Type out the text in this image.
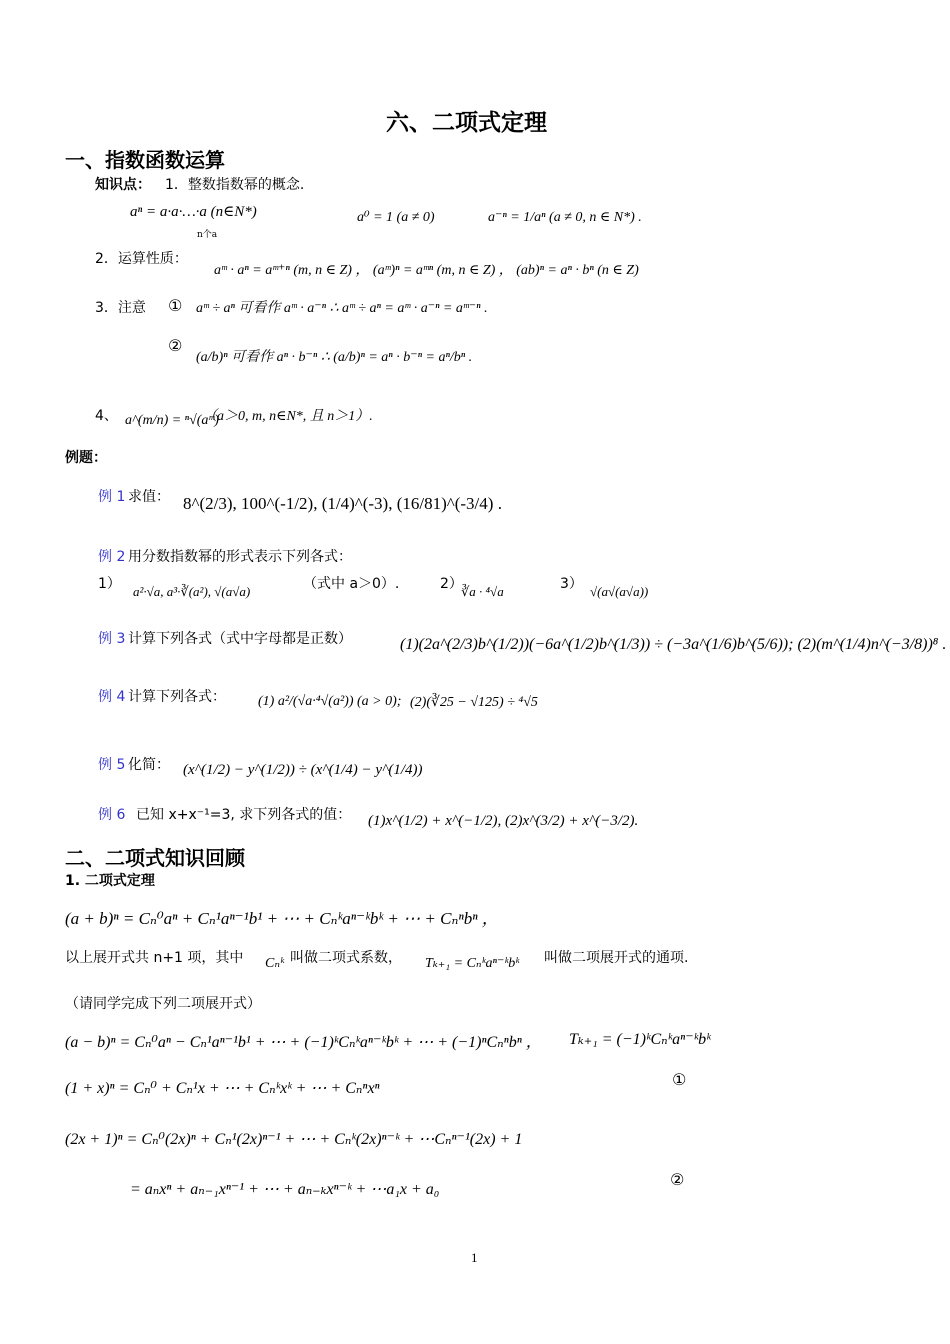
六、二项式定理
一、指数函数运算
知识点： 1．整数指数幂的概念.
aⁿ = a·a·…·a (n∈N*)
n个a
a⁰ = 1 (a ≠ 0)	a⁻ⁿ = 1/aⁿ (a ≠ 0, n ∈ N*) .
2．运算性质：
aᵐ · aⁿ = aᵐ⁺ⁿ (m, n ∈ Z) ， (aᵐ)ⁿ = aᵐⁿ (m, n ∈ Z) ， (ab)ⁿ = aⁿ · bⁿ (n ∈ Z)
3．注意 ① aᵐ ÷ aⁿ 可看作 aᵐ · a⁻ⁿ ∴ aᵐ ÷ aⁿ = aᵐ · a⁻ⁿ = aᵐ⁻ⁿ .
②
(a/b)ⁿ 可看作 aⁿ · b⁻ⁿ ∴ (a/b)ⁿ = aⁿ · b⁻ⁿ = aⁿ/bⁿ .
4、 a^(m/n) = ⁿ√(aᵐ)
（a＞0, m, n∈N*, 且 n＞1）.
例题：
例 1 求值： 8^(2/3), 100^(-1/2), (1/4)^(-3), (16/81)^(-3/4) .
例 2 用分数指数幂的形式表示下列各式：
1） a²·√a, a³·∛(a²), √(a√a)	（式中 a＞0）.	2）
∛a · ⁴√a	3） √(a√(a√a))
例 3 计算下列各式（式中字母都是正数）	(1)(2a^(2/3)b^(1/2))(−6a^(1/2)b^(1/3)) ÷ (−3a^(1/6)b^(5/6)); (2)(m^(1/4)n^(−3/8))⁸ .
例 4 计算下列各式： (1) a²/(√a·⁴√(a²)) (a > 0); (2)(∛25 − √125) ÷ ⁴√5
例 5 化简： (x^(1/2) − y^(1/2)) ÷ (x^(1/4) − y^(1/4))
例 6 已知 x+x⁻¹=3, 求下列各式的值： (1)x^(1/2) + x^(−1/2), (2)x^(3/2) + x^(−3/2).
二、二项式知识回顾
1. 二项式定理
(a + b)ⁿ = Cₙ⁰aⁿ + Cₙ¹aⁿ⁻¹b¹ + ⋯ + Cₙᵏaⁿ⁻ᵏbᵏ + ⋯ + Cₙⁿbⁿ ，
以上展开式共 n+1 项，其中 Cₙᵏ 叫做二项式系数， Tₖ₊₁ = Cₙᵏaⁿ⁻ᵏbᵏ 叫做二项展开式的通项.
（请同学完成下列二项展开式）
(a − b)ⁿ = Cₙ⁰aⁿ − Cₙ¹aⁿ⁻¹b¹ + ⋯ + (−1)ᵏCₙᵏaⁿ⁻ᵏbᵏ + ⋯ + (−1)ⁿCₙⁿbⁿ ， Tₖ₊₁ = (−1)ᵏCₙᵏaⁿ⁻ᵏbᵏ
(1 + x)ⁿ = Cₙ⁰ + Cₙ¹x + ⋯ + Cₙᵏxᵏ + ⋯ + Cₙⁿxⁿ	①
(2x + 1)ⁿ = Cₙ⁰(2x)ⁿ + Cₙ¹(2x)ⁿ⁻¹ + ⋯ + Cₙᵏ(2x)ⁿ⁻ᵏ + ⋯Cₙⁿ⁻¹(2x) + 1
= aₙxⁿ + aₙ₋₁xⁿ⁻¹ + ⋯ + aₙ₋ₖxⁿ⁻ᵏ + ⋯a₁x + a₀
②
1
